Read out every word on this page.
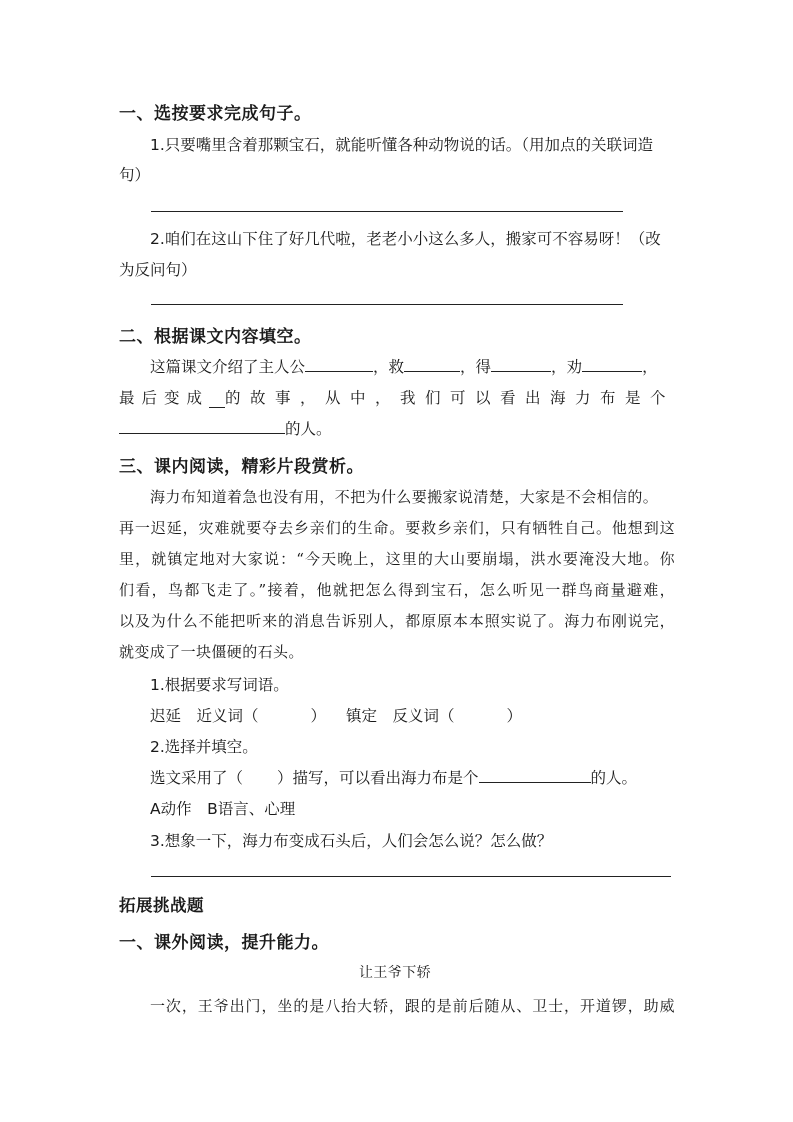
一、选按要求完成句子。
1.只要嘴里含着那颗宝石，就能听懂各种动物说的话。（用加点的关联词造
句）
2.咱们在这山下住了好几代啦，老老小小这么多人，搬家可不容易呀！（改
为反问句）
二、根据课文内容填空。
这篇课文介绍了主人公	，救	，得	，劝	，
最后变成 的故事，从中，我们可以看出海力布是个
的人。
三、课内阅读，精彩片段赏析。
海力布知道着急也没有用，不把为什么要搬家说清楚，大家是不会相信的。
再一迟延，灾难就要夺去乡亲们的生命。要救乡亲们，只有牺牲自己。他想到这
里，就镇定地对大家说：“今天晚上，这里的大山要崩塌，洪水要淹没大地。你
们看，鸟都飞走了。”接着，他就把怎么得到宝石，怎么听见一群鸟商量避难，
以及为什么不能把听来的消息告诉别人，都原原本本照实说了。海力布刚说完，
就变成了一块僵硬的石头。
1.根据要求写词语。
迟延　近义词（	） 镇定　反义词（	）
2.选择并填空。
选文采用了（ ）描写，可以看出海力布是个	的人。
A动作　B语言、心理
3.想象一下，海力布变成石头后，人们会怎么说？怎么做？
拓展挑战题
一、课外阅读，提升能力。
让王爷下轿
一次，王爷出门，坐的是八抬大轿，跟的是前后随从、卫士，开道锣，助威
